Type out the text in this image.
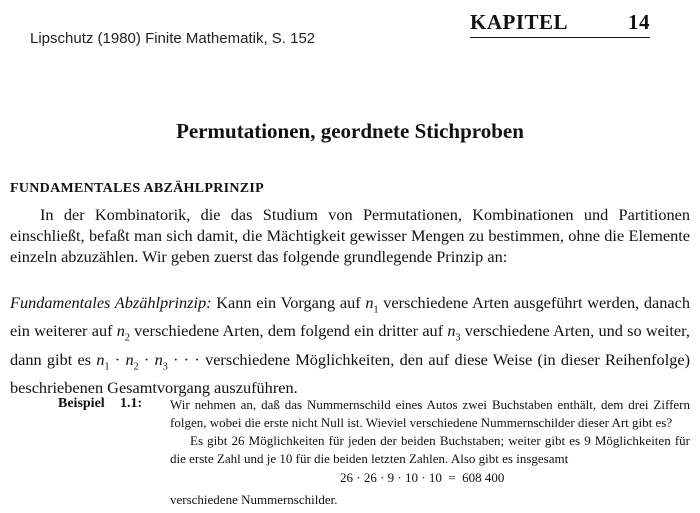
Lipschutz (1980) Finite Mathematik, S. 152
KAPITEL	14
Permutationen, geordnete Stichproben
FUNDAMENTALES ABZÄHLPRINZIP
In der Kombinatorik, die das Studium von Permutationen, Kombinationen und Partitionen einschließt, befaßt man sich damit, die Mächtigkeit gewisser Mengen zu bestimmen, ohne die Elemente einzeln abzuzählen. Wir geben zuerst das folgende grundlegende Prinzip an:
Fundamentales Abzählprinzip: Kann ein Vorgang auf $n_1$ verschiedene Arten ausgeführt werden, danach ein weiterer auf $n_2$ verschiedene Arten, dem folgend ein dritter auf $n_3$ verschiedene Arten, und so weiter, dann gibt es $n_1 \cdot n_2 \cdot n_3$ · · · verschiedene Möglichkeiten, den auf diese Weise (in dieser Reihenfolge) beschriebenen Gesamtvorgang auszuführen.
Beispiel 1.1: Wir nehmen an, daß das Nummernschild eines Autos zwei Buchstaben enthält, dem drei Ziffern folgen, wobei die erste nicht Null ist. Wieviel verschiedene Nummernschilder dieser Art gibt es?
Es gibt 26 Möglichkeiten für jeden der beiden Buchstaben; weiter gibt es 9 Möglichkeiten für die erste Zahl und je 10 für die beiden letzten Zahlen. Also gibt es insgesamt
26 · 26 · 9 · 10 · 10  =  608 400
verschiedene Nummernschilder.
